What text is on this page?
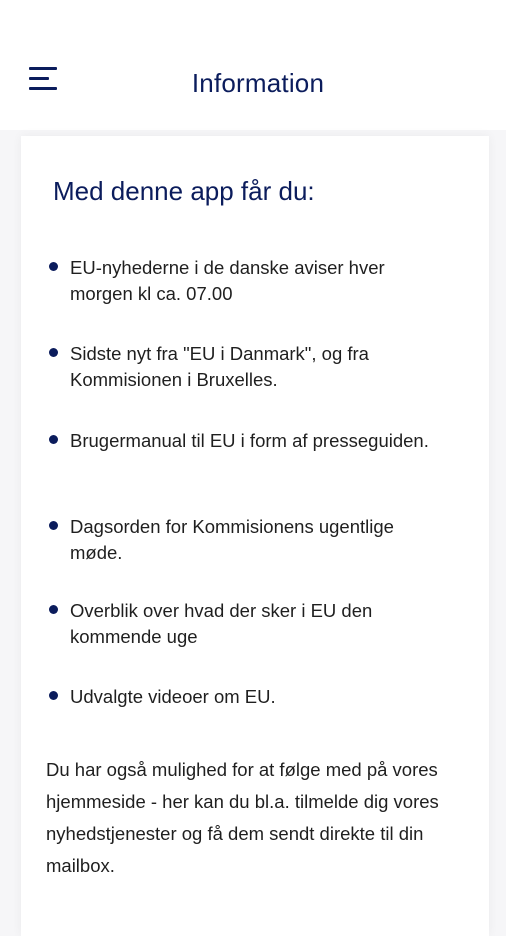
Information
Med denne app får du:
EU-nyhederne i de danske aviser hver morgen kl ca. 07.00
Sidste nyt fra "EU i Danmark", og fra Kommisionen i Bruxelles.
Brugermanual til EU i form af presseguiden.
Dagsorden for Kommisionens ugentlige møde.
Overblik over hvad der sker i EU den kommende uge
Udvalgte videoer om EU.

Du har også mulighed for at følge med på vores hjemmeside - her kan du bl.a. tilmelde dig vores nyhedstjenester og få dem sendt direkte til din mailbox.
